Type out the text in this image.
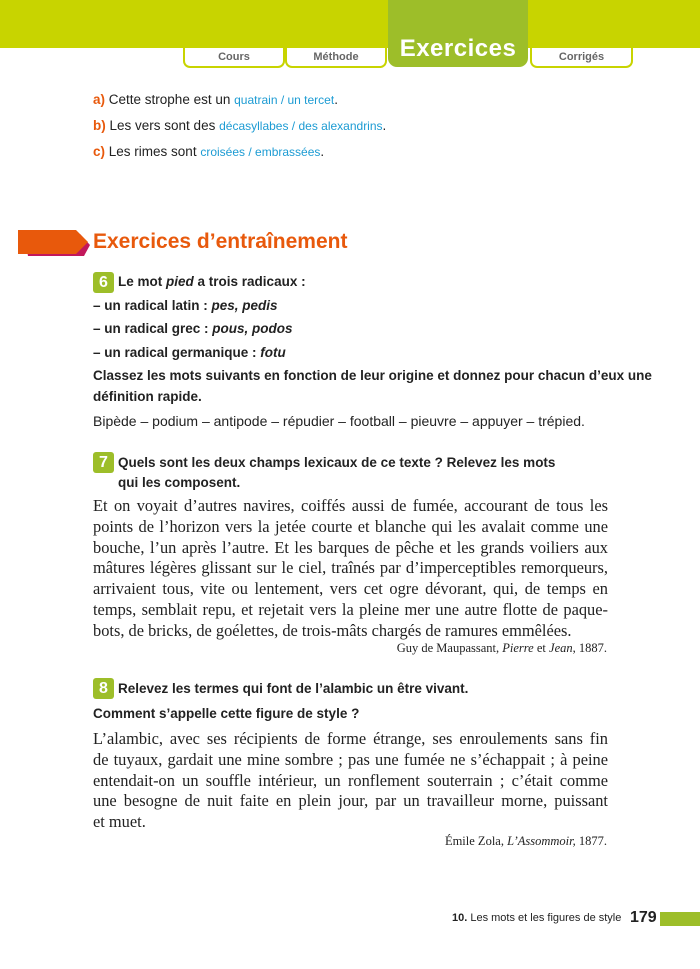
Cours	Méthode	Corrigés
Exercices
a) Cette strophe est un quatrain / un tercet.
b) Les vers sont des décasyllabes / des alexandrins.
c) Les rimes sont croisées / embrassées.
Exercices d’entraînement
6 Le mot pied a trois radicaux :
– un radical latin : pes, pedis
– un radical grec : pous, podos
– un radical germanique : fotu
Classez les mots suivants en fonction de leur origine et donnez pour chacun d’eux une
définition rapide.
Bipède – podium – antipode – répudier – football – pieuvre – appuyer – trépied.
7 Quels sont les deux champs lexicaux de ce texte ? Relevez les mots
qui les composent.
Et on voyait d’autres navires, coiffés aussi de fumée, accourant de tous les
points de l’horizon vers la jetée courte et blanche qui les avalait comme une
bouche, l’un après l’autre. Et les barques de pêche et les grands voiliers aux
mâtures légères glissant sur le ciel, traînés par d’imperceptibles remorqueurs,
arrivaient tous, vite ou lentement, vers cet ogre dévorant, qui, de temps en
temps, semblait repu, et rejetait vers la pleine mer une autre flotte de paque-
bots, de bricks, de goélettes, de trois-mâts chargés de ramures emmêlées.
Guy de Maupassant, Pierre et Jean, 1887.
8 Relevez les termes qui font de l’alambic un être vivant.
Comment s’appelle cette figure de style ?
L’alambic, avec ses récipients de forme étrange, ses enroulements sans fin
de tuyaux, gardait une mine sombre ; pas une fumée ne s’échappait ; à peine
entendait-on un souffle intérieur, un ronflement souterrain ; c’était comme
une besogne de nuit faite en plein jour, par un travailleur morne, puissant
et muet.
Émile Zola, L’Assommoir, 1877.
10. Les mots et les figures de style 179
